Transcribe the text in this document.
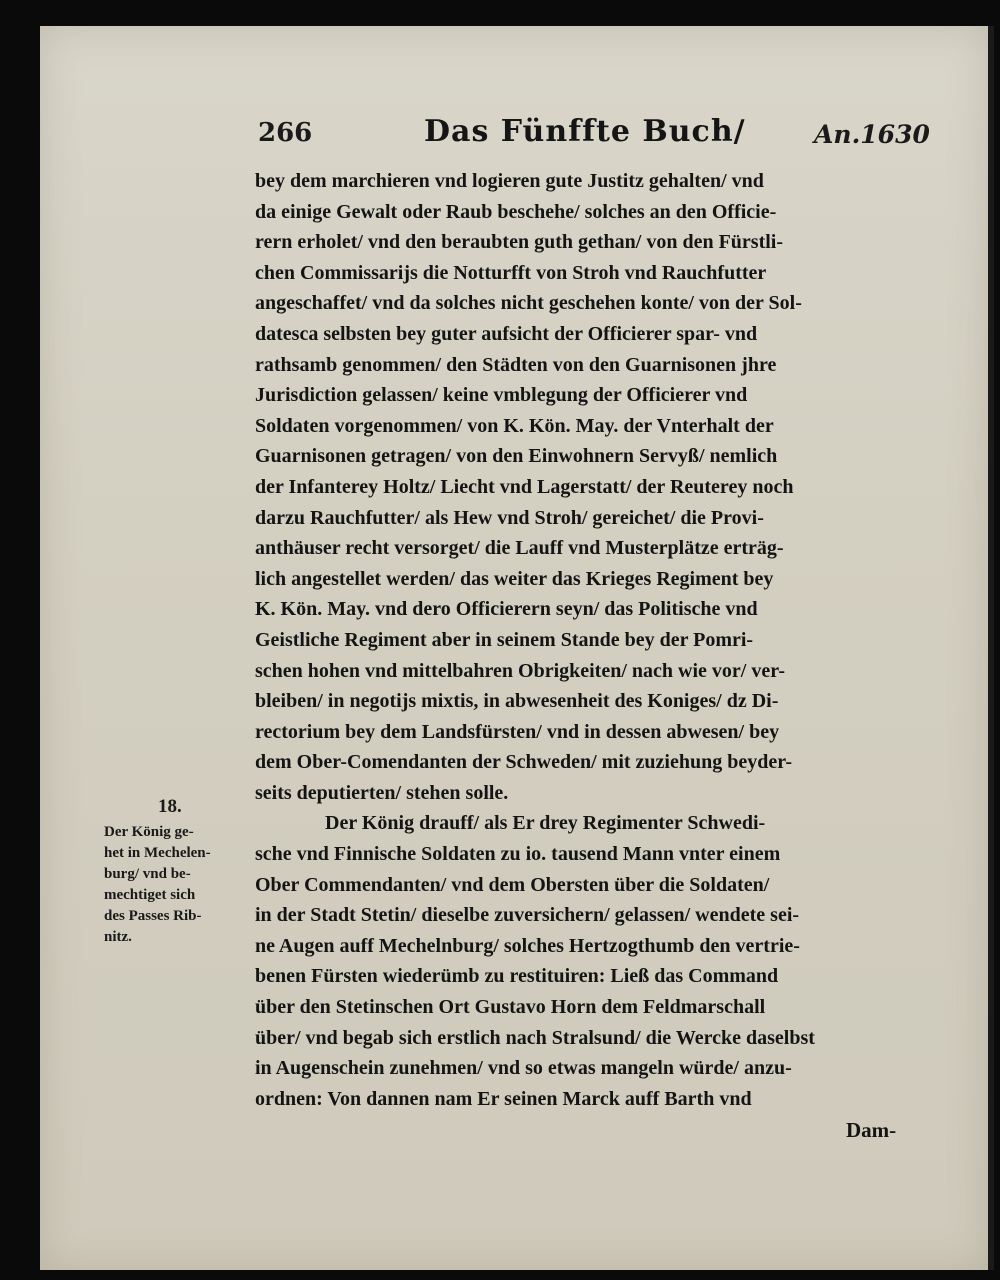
266	Das Fünffte Buch/	An.1630
bey dem marchieren vnd logieren gute Justitz gehalten/ vnd
da einige Gewalt oder Raub beschehe/ solches an den Officie-
rern erholet/ vnd den beraubten guth gethan/ von den Fürstli-
chen Commissarijs die Notturfft von Stroh vnd Rauchfutter
angeschaffet/ vnd da solches nicht geschehen konte/ von der Sol-
datesca selbsten bey guter aufsicht der Officierer spar- vnd
rathsamb genommen/ den Städten von den Guarnisonen jhre
Jurisdiction gelassen/ keine vmblegung der Officierer vnd
Soldaten vorgenommen/ von K. Kön. May. der Vnterhalt der
Guarnisonen getragen/ von den Einwohnern Servyß/ nemlich
der Infanterey Holtz/ Liecht vnd Lagerstatt/ der Reuterey noch
darzu Rauchfutter/ als Hew vnd Stroh/ gereichet/ die Provi-
anthäuser recht versorget/ die Lauff vnd Musterplätze erträg-
lich angestellet werden/ das weiter das Krieges Regiment bey
K. Kön. May. vnd dero Officierern seyn/ das Politische vnd
Geistliche Regiment aber in seinem Stande bey der Pomri-
schen hohen vnd mittelbahren Obrigkeiten/ nach wie vor/ ver-
bleiben/ in negotijs mixtis, in abwesenheit des Koniges/ dz Di-
rectorium bey dem Landsfürsten/ vnd in dessen abwesen/ bey
dem Ober-Comendanten der Schweden/ mit zuziehung beyder-
seits deputierten/ stehen solle.
Der König drauff/ als Er drey Regimenter Schwedi-
sche vnd Finnische Soldaten zu io. tausend Mann vnter einem
Ober Commendanten/ vnd dem Obersten über die Soldaten/
in der Stadt Stetin/ dieselbe zuversichern/ gelassen/ wendete sei-
ne Augen auff Mechelnburg/ solches Hertzogthumb den vertrie-
benen Fürsten wiederümb zu restituiren: Ließ das Command
über den Stetinschen Ort Gustavo Horn dem Feldmarschall
über/ vnd begab sich erstlich nach Stralsund/ die Wercke daselbst
in Augenschein zunehmen/ vnd so etwas mangeln würde/ anzu-
ordnen: Von dannen nam Er seinen Marck auff Barth vnd
18.
Der König ge-
het in Mechelen-
burg/ vnd be-
mechtiget sich
des Passes Rib-
nitz.
Dam-
